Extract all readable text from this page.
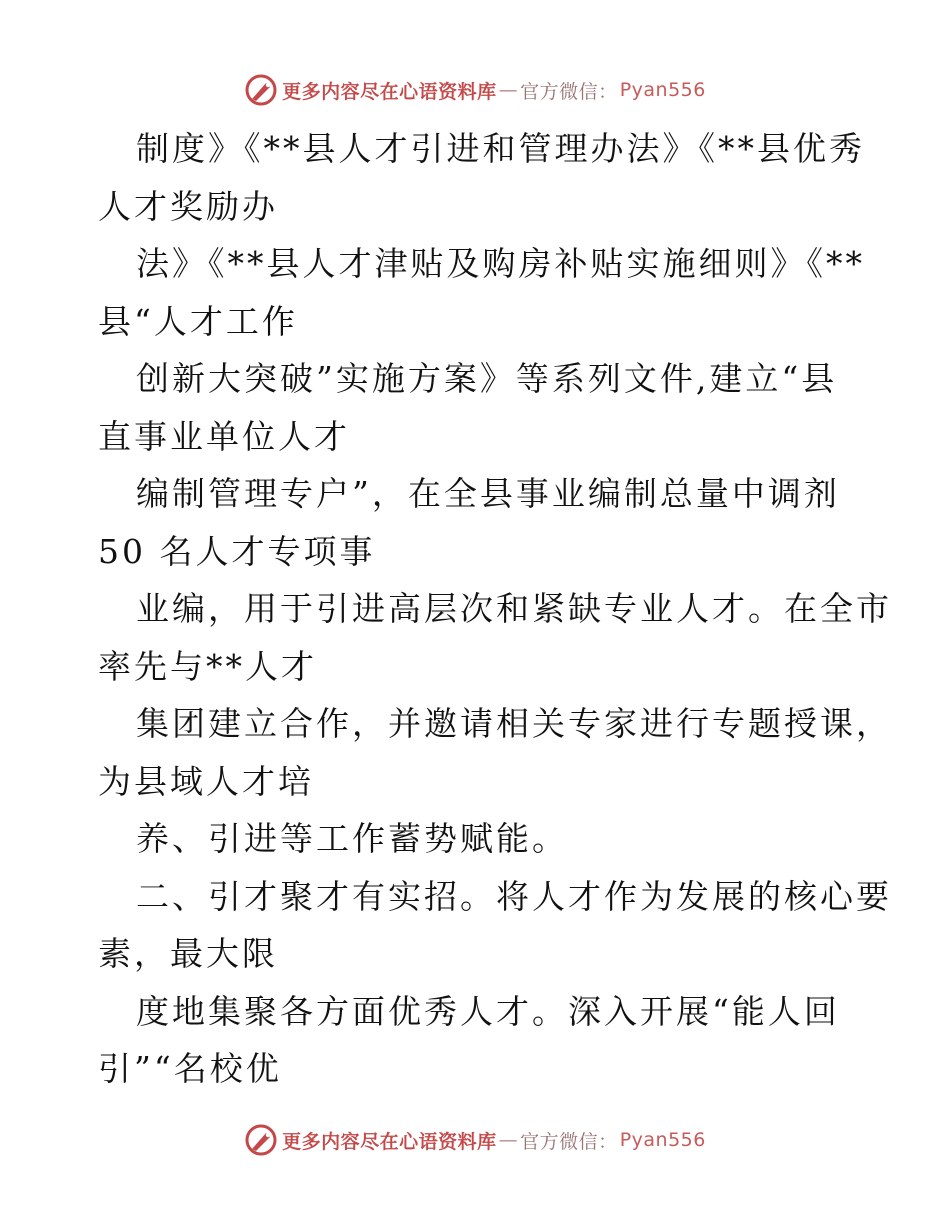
更多内容尽在心语资料库 — 官方微信： Pyan556
制度》《**县人才引进和管理办法》《**县优秀
人才奖励办
法》《**县人才津贴及购房补贴实施细则》《**
县“人才工作
创新大突破”实施方案》等系列文件,建立“县
直事业单位人才
编制管理专户”，在全县事业编制总量中调剂
50 名人才专项事
业编，用于引进高层次和紧缺专业人才。在全市
率先与**人才
集团建立合作，并邀请相关专家进行专题授课，
为县域人才培
养、引进等工作蓄势赋能。
二、引才聚才有实招。将人才作为发展的核心要
素，最大限
度地集聚各方面优秀人才。深入开展“能人回
引”“名校优
更多内容尽在心语资料库 — 官方微信： Pyan556
